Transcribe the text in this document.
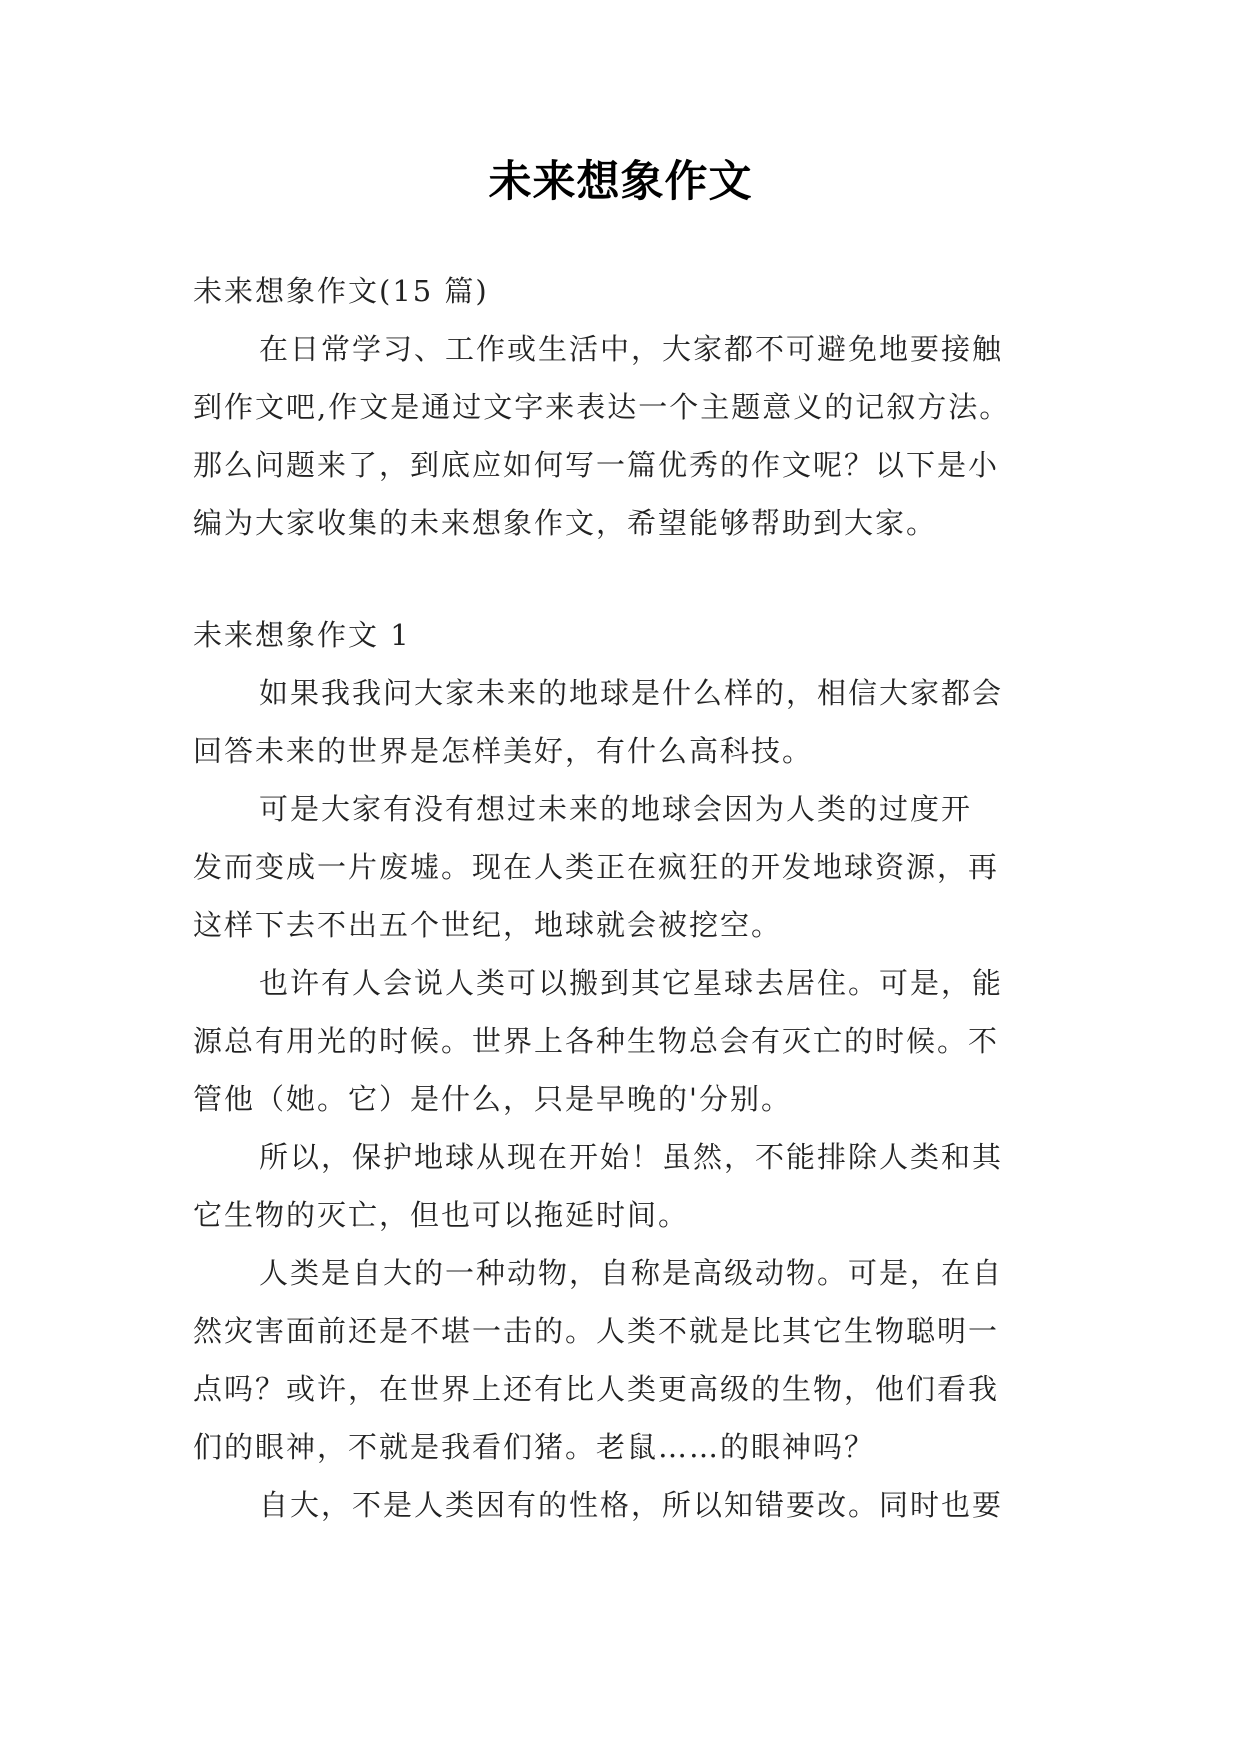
未来想象作文
未来想象作文(15 篇)
在日常学习、工作或生活中，大家都不可避免地要接触
到作文吧,作文是通过文字来表达一个主题意义的记叙方法。
那么问题来了，到底应如何写一篇优秀的作文呢？以下是小
编为大家收集的未来想象作文，希望能够帮助到大家。
未来想象作文 1
如果我我问大家未来的地球是什么样的，相信大家都会
回答未来的世界是怎样美好，有什么高科技。
可是大家有没有想过未来的地球会因为人类的过度开
发而变成一片废墟。现在人类正在疯狂的开发地球资源，再
这样下去不出五个世纪，地球就会被挖空。
也许有人会说人类可以搬到其它星球去居住。可是，能
源总有用光的时候。世界上各种生物总会有灭亡的时候。不
管他（她。它）是什么，只是早晚的'分别。
所以，保护地球从现在开始！虽然，不能排除人类和其
它生物的灭亡，但也可以拖延时间。
人类是自大的一种动物，自称是高级动物。可是，在自
然灾害面前还是不堪一击的。人类不就是比其它生物聪明一
点吗？或许，在世界上还有比人类更高级的生物，他们看我
们的眼神，不就是我看们猪。老鼠……的眼神吗？
自大，不是人类因有的性格，所以知错要改。同时也要
